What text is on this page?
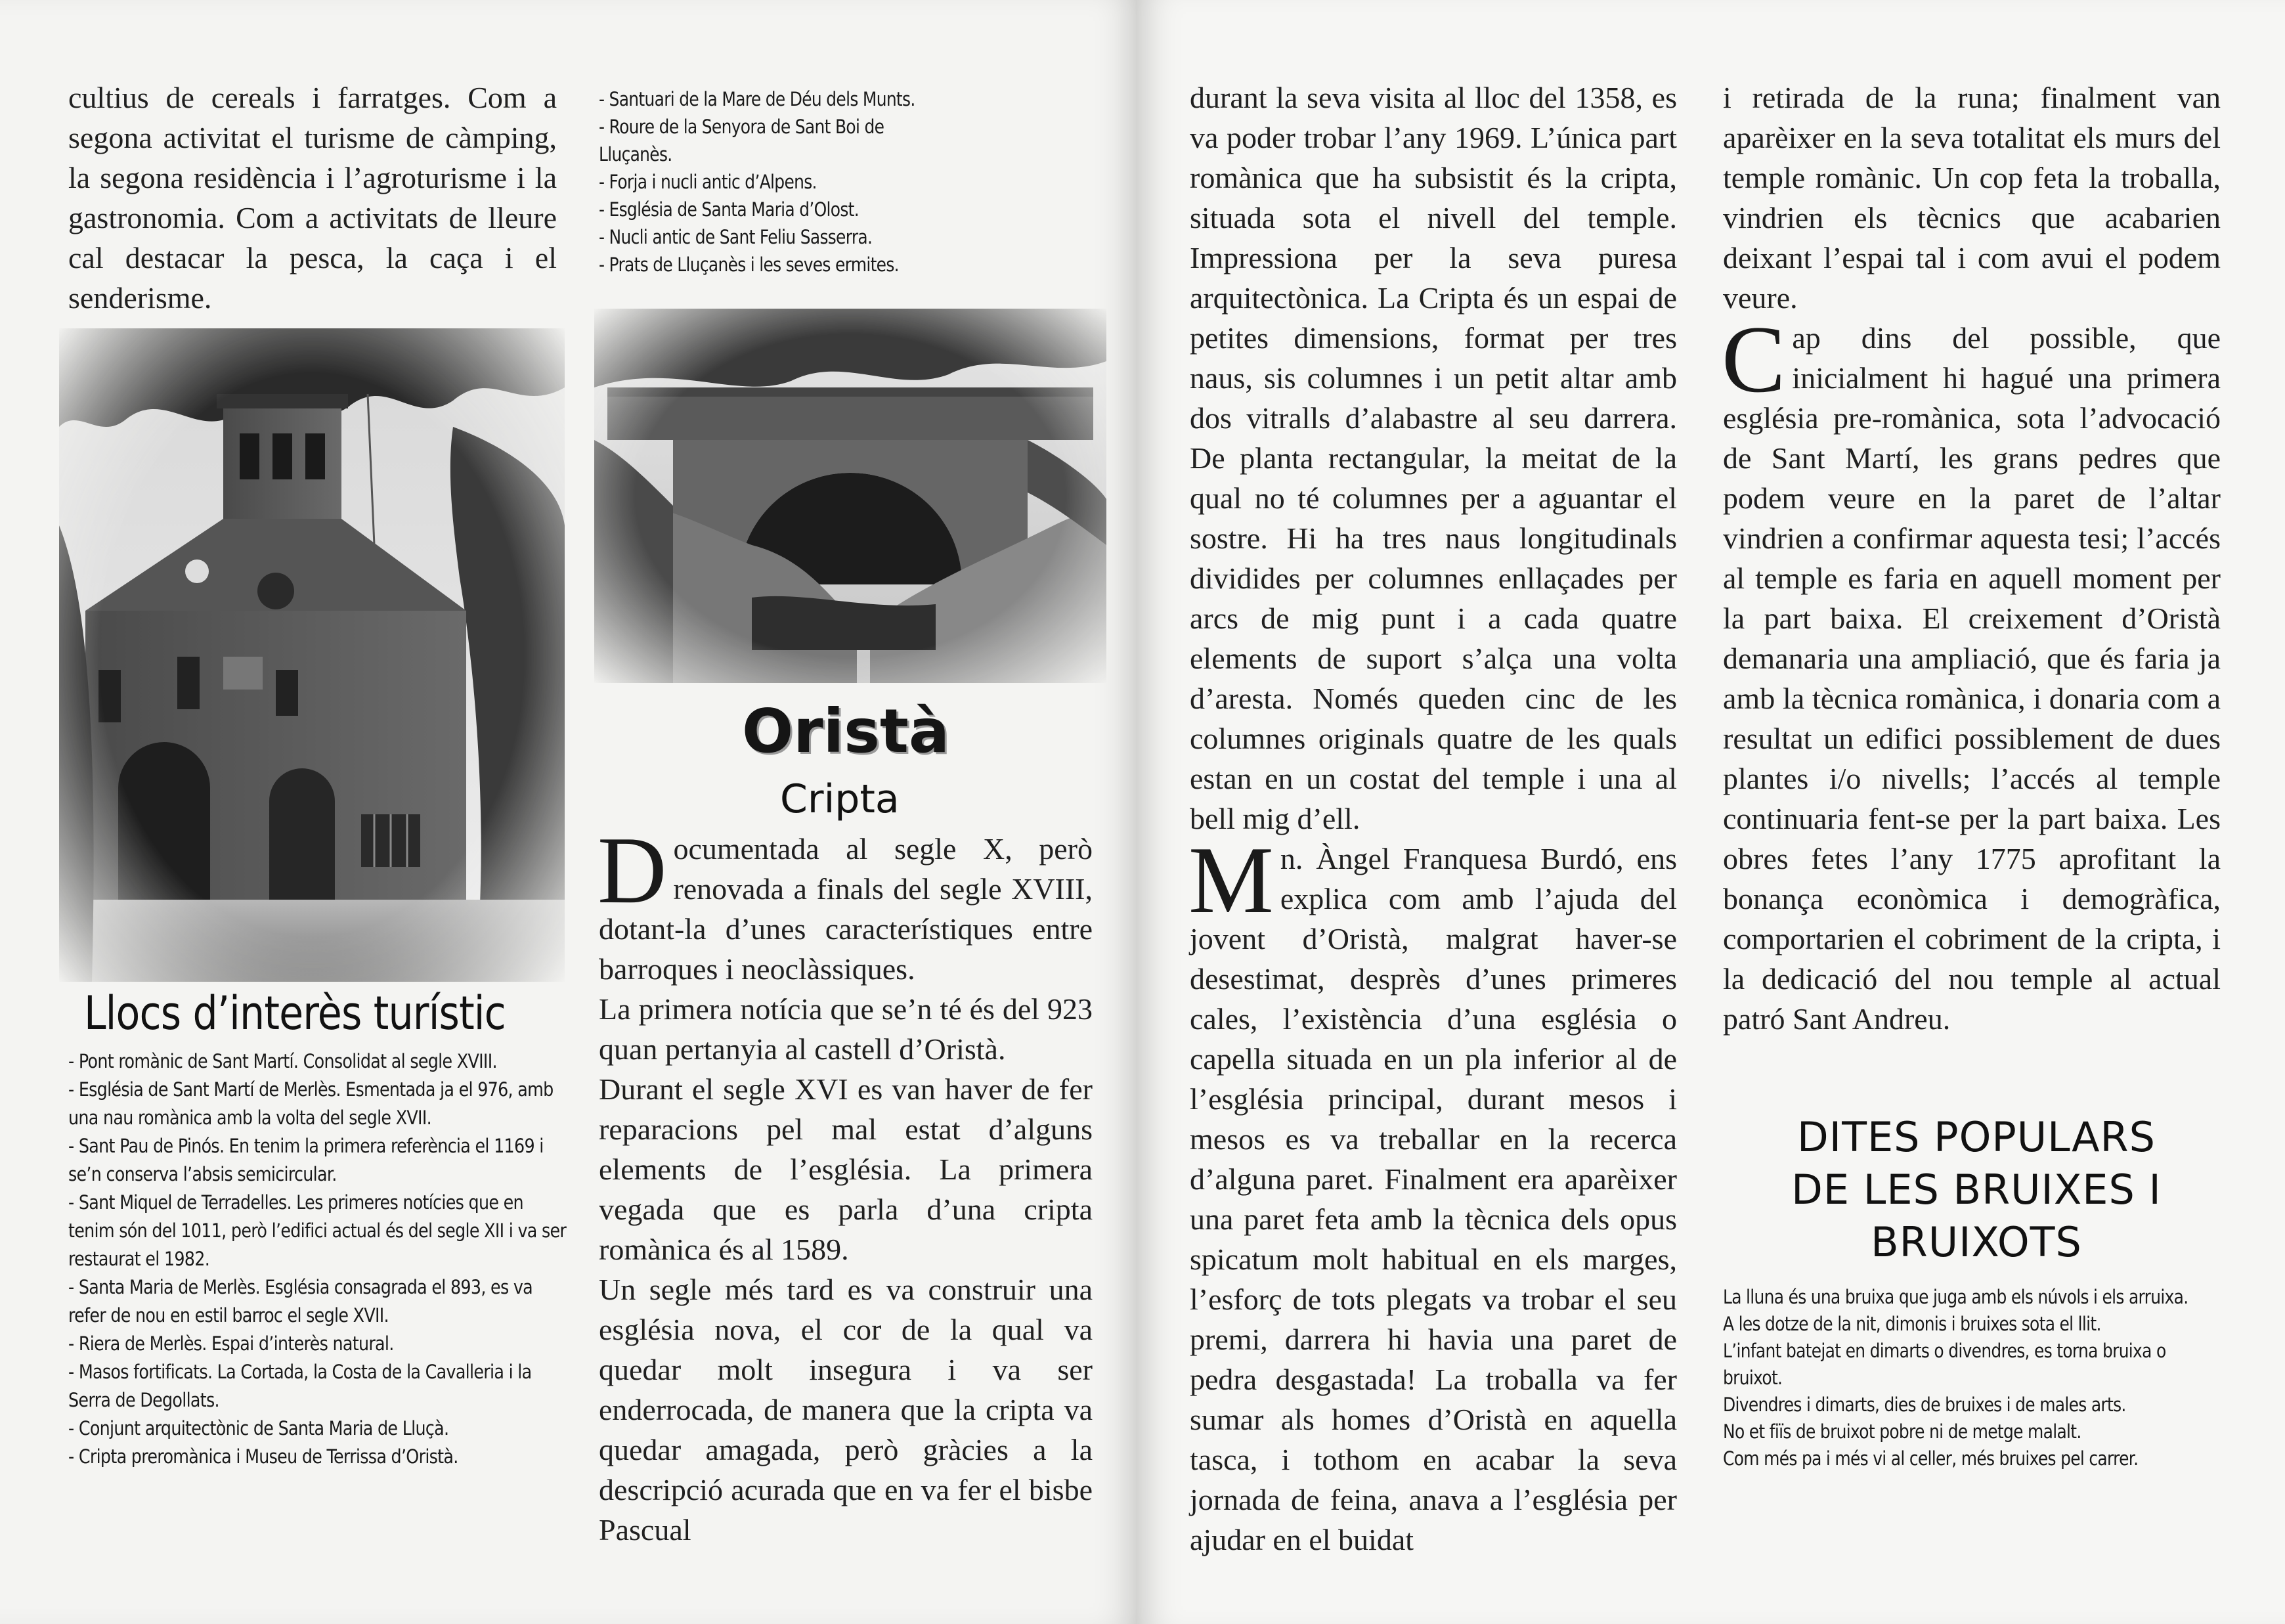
cultius de cereals i farratges. Com a segona activitat el turisme de càmping, la segona residència i l’agroturisme i la gastronomia. Com a activitats de lleure cal destacar la pesca, la caça i el senderisme.

Llocs d’interès turístic

- Pont romànic de Sant Martí. Consolidat al segle XVIII.

- Església de Sant Martí de Merlès. Esmentada ja el 976, amb una nau romànica amb la volta del segle XVII.

- Sant Pau de Pinós. En tenim la primera referència el 1169 i se’n conserva l’absis semicircular.

- Sant Miquel de Terradelles. Les primeres notícies que en tenim són del 1011, però l’edifici actual és del segle XII i va ser restaurat el 1982.

- Santa Maria de Merlès. Església consagrada el 893, es va refer de nou en estil barroc el segle XVII.

- Riera de Merlès. Espai d’interès natural.

- Masos fortificats. La Cortada, la Costa de la Cavalleria i la Serra de Degollats.

- Conjunt arquitectònic de Santa Maria de Lluçà.

- Cripta preromànica i Museu de Terrissa d’Oristà.

- Santuari de la Mare de Déu dels Munts.

- Roure de la Senyora de Sant Boi de Lluçanès.

- Forja i nucli antic d’Alpens.

- Església de Santa Maria d’Olost.

- Nucli antic de Sant Feliu Sasserra.

- Prats de Lluçanès i les seves ermites.

Oristà
Cripta

Documentada al segle X, però renovada a finals del segle XVIII, dotant-la d’unes característiques entre barroques i neoclàssiques.

La primera notícia que se’n té és del 923 quan pertanyia al castell d’Oristà.

Durant el segle XVI es van haver de fer reparacions pel mal estat d’alguns elements de l’església. La primera vegada que es parla d’una cripta romànica és al 1589.

Un segle més tard es va construir una església nova, el cor de la qual va quedar molt insegura i va ser enderrocada, de manera que la cripta va quedar amagada, però gràcies a la descripció acurada que en va fer el bisbe Pascual

durant la seva visita al lloc del 1358, es va poder trobar l’any 1969. L’única part romànica que ha subsistit és la cripta, situada sota el nivell del temple. Impressiona per la seva puresa arquitectònica. La Cripta és un espai de petites dimensions, format per tres naus, sis columnes i un petit altar amb dos vitralls d’alabastre al seu darrera. De planta rectangular, la meitat de la qual no té columnes per a aguantar el sostre. Hi ha tres naus longitudinals dividides per columnes enllaçades per arcs de mig punt i a cada quatre elements de suport s’alça una volta d’aresta. Només queden cinc de les columnes originals quatre de les quals estan en un costat del temple i una al bell mig d’ell.

Mn. Àngel Franquesa Burdó, ens explica com amb l’ajuda del jovent d’Oristà, malgrat haver-se desestimat, desprès d’unes primeres cales, l’existència d’una església o capella situada en un pla inferior al de l’església principal, durant mesos i mesos es va treballar en la recerca d’alguna paret. Finalment era aparèixer una paret feta amb la tècnica dels opus spicatum molt habitual en els marges, l’esforç de tots plegats va trobar el seu premi, darrera hi havia una paret de pedra desgastada! La troballa va fer sumar als homes d’Oristà en aquella tasca, i tothom en acabar la seva jornada de feina, anava a l’església per ajudar en el buidat

i retirada de la runa; finalment van aparèixer en la seva totalitat els murs del temple romànic. Un cop feta la troballa, vindrien els tècnics que acabarien deixant l’espai tal i com avui el podem veure.

Cap dins del possible, que inicialment hi hagué una primera església pre-romànica, sota l’advocació de Sant Martí, les grans pedres que podem veure en la paret de l’altar vindrien a confirmar aquesta tesi; l’accés al temple es faria en aquell moment per la part baixa. El creixement d’Oristà demanaria una ampliació, que és faria ja amb la tècnica romànica, i donaria com a resultat un edifici possiblement de dues plantes i/o nivells; l’accés al temple continuaria fent-se per la part baixa. Les obres fetes l’any 1775 aprofitant la bonança econòmica i demogràfica, comportarien el cobriment de la cripta, i la dedicació del nou temple al actual patró Sant Andreu.

DITES POPULARS
DE LES BRUIXES I
BRUIXOTS

La lluna és una bruixa que juga amb els núvols i els arruixa.

A les dotze de la nit, dimonis i bruixes sota el llit.

L’infant batejat en dimarts o divendres, es torna bruixa o bruixot.

Divendres i dimarts, dies de bruixes i de males arts.

No et fiïs de bruixot pobre ni de metge malalt.

Com més pa i més vi al celler, més bruixes pel carrer.
